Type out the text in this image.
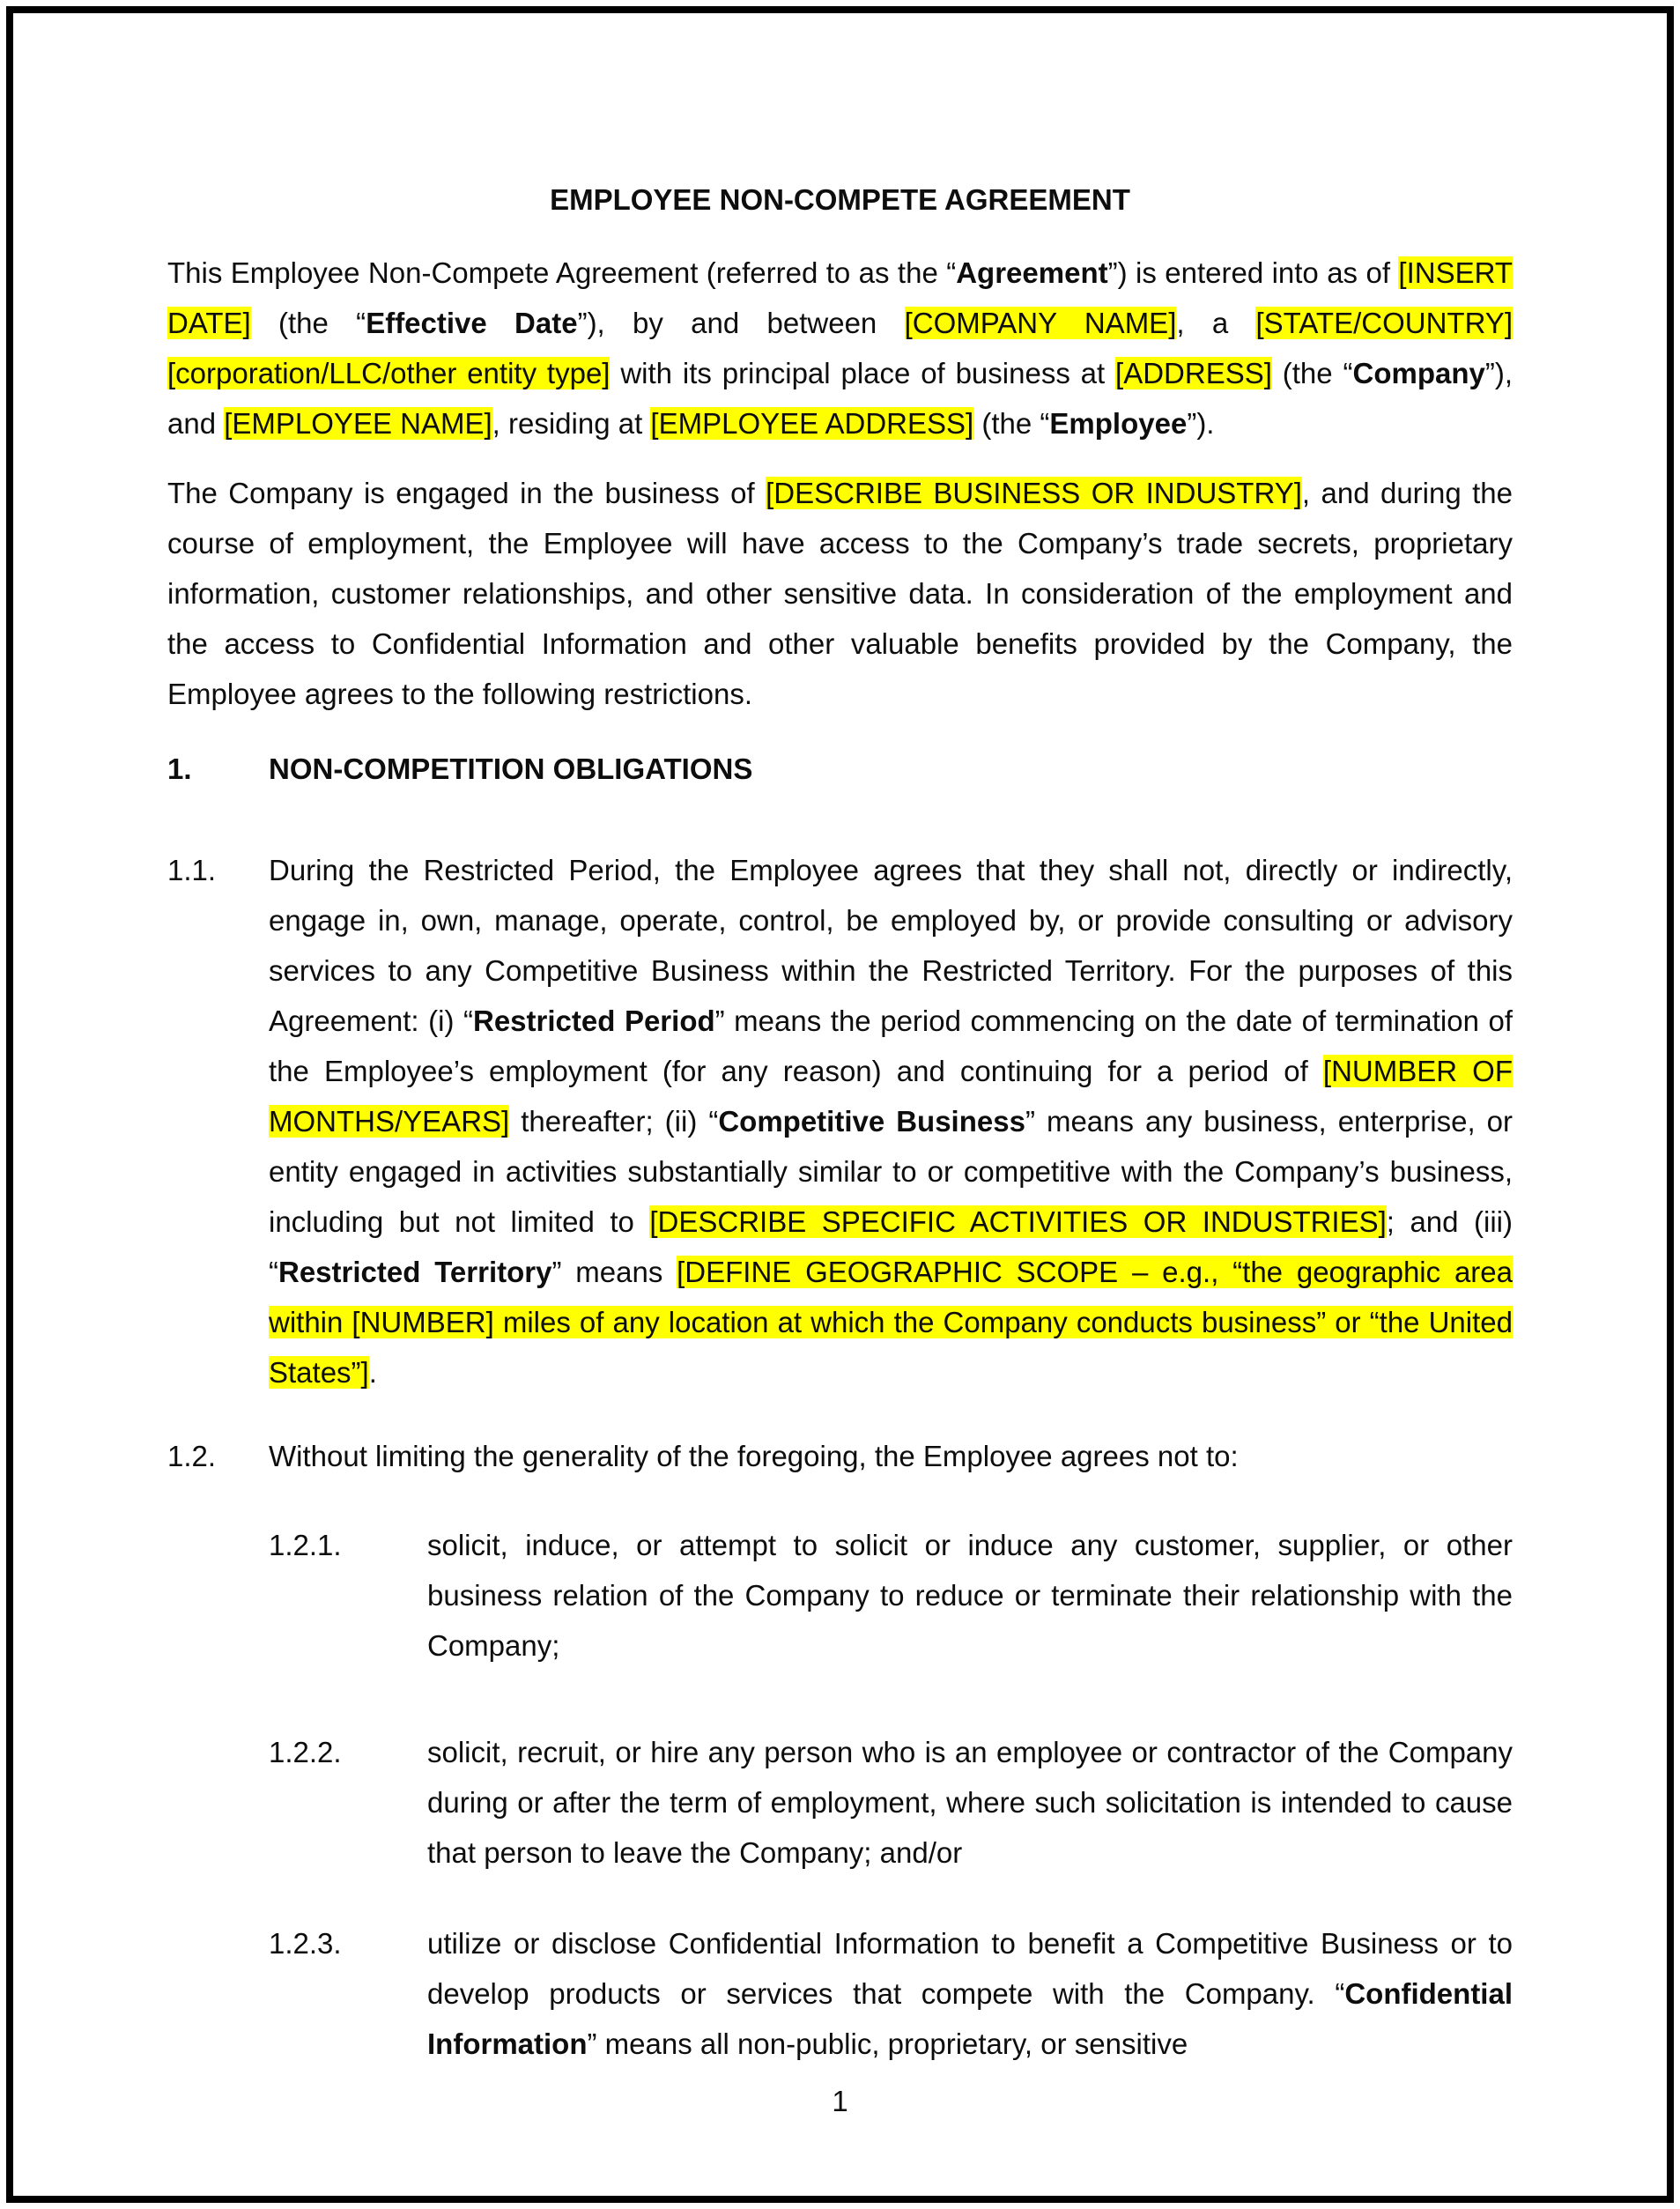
EMPLOYEE NON-COMPETE AGREEMENT

This Employee Non-Compete Agreement (referred to as the “Agreement”) is entered into as of [INSERT DATE] (the “Effective Date”), by and between [COMPANY NAME], a [STATE/COUNTRY] [corporation/LLC/other entity type] with its principal place of business at [ADDRESS] (the “Company”), and [EMPLOYEE NAME], residing at [EMPLOYEE ADDRESS] (the “Employee”).

The Company is engaged in the business of [DESCRIBE BUSINESS OR INDUSTRY], and during the course of employment, the Employee will have access to the Company’s trade secrets, proprietary information, customer relationships, and other sensitive data. In consideration of the employment and the access to Confidential Information and other valuable benefits provided by the Company, the Employee agrees to the following restrictions.

1.	NON-COMPETITION OBLIGATIONS
1.1.	During the Restricted Period, the Employee agrees that they shall not, directly or indirectly, engage in, own, manage, operate, control, be employed by, or provide consulting or advisory services to any Competitive Business within the Restricted Territory. For the purposes of this Agreement: (i) “Restricted Period” means the period commencing on the date of termination of the Employee’s employment (for any reason) and continuing for a period of [NUMBER OF MONTHS/YEARS] thereafter; (ii) “Competitive Business” means any business, enterprise, or entity engaged in activities substantially similar to or competitive with the Company’s business, including but not limited to [DESCRIBE SPECIFIC ACTIVITIES OR INDUSTRIES]; and (iii) “Restricted Territory” means [DEFINE GEOGRAPHIC SCOPE – e.g., “the geographic area within [NUMBER] miles of any location at which the Company conducts business” or “the United States”].
1.2.	Without limiting the generality of the foregoing, the Employee agrees not to:
1.2.1.	solicit, induce, or attempt to solicit or induce any customer, supplier, or other business relation of the Company to reduce or terminate their relationship with the Company;
1.2.2.	solicit, recruit, or hire any person who is an employee or contractor of the Company during or after the term of employment, where such solicitation is intended to cause that person to leave the Company; and/or
1.2.3.	utilize or disclose Confidential Information to benefit a Competitive Business or to develop products or services that compete with the Company. “Confidential Information” means all non-public, proprietary, or sensitive
1
